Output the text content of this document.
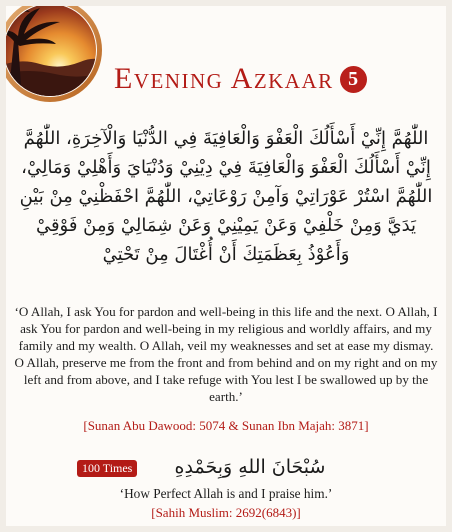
Evening Azkaar 5

اللّٰهُمَّ إِنِّيْ أَسْأَلُكَ الْعَفْوَ وَالْعَافِيَةَ فِي الدُّنْيَا وَالْآخِرَةِ، اللّٰهُمَّ إِنِّيْ أَسْأَلُكَ الْعَفْوَ وَالْعَافِيَةَ فِيْ دِيْنِيْ وَدُنْيَايَ وَأَهْلِيْ وَمَالِيْ، اللّٰهُمَّ اسْتُرْ عَوْرَاتِيْ وَآمِنْ رَوْعَاتِيْ، اللّٰهُمَّ احْفَظْنِيْ مِنْ بَيْنِ يَدَيَّ وَمِنْ خَلْفِيْ وَعَنْ يَمِيْنِيْ وَعَنْ شِمَالِيْ وَمِنْ فَوْقِيْ وَأَعُوْذُ بِعَظَمَتِكَ أَنْ أُغْتَالَ مِنْ تَحْتِيْ

‘O Allah, I ask You for pardon and well-being in this life and the next. O Allah, I ask You for pardon and well-being in my religious and worldly affairs, and my family and my wealth. O Allah, veil my weaknesses and set at ease my dismay. O Allah, preserve me from the front and from behind and on my right and on my left and from above, and I take refuge with You lest I be swallowed up by the earth.’

[Sunan Abu Dawood: 5074 & Sunan Ibn Majah: 3871]
100 Times	سُبْحَانَ اللهِ وَبِحَمْدِهِ
‘How Perfect Allah is and I praise him.’
[Sahih Muslim: 2692(6843)]
